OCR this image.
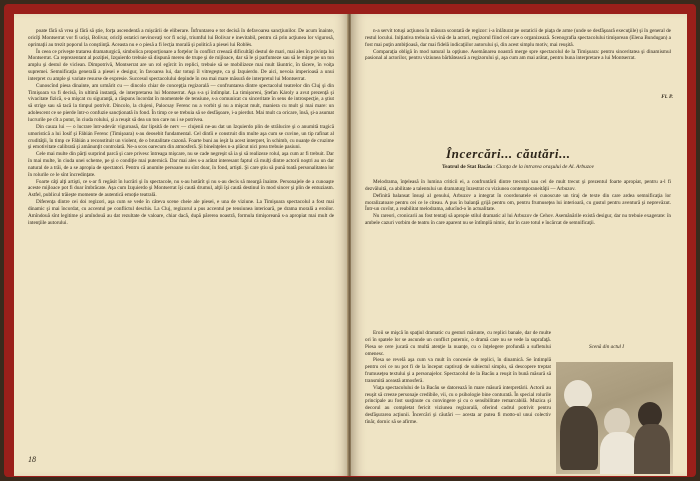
poate fără să vrea şi fără să ştie, forţa ascendentă a mişcării de eliberare. Înfruntarea e tot decisă în defavoarea sancţiunilor. De acum înainte, oricîţi Montserrat vor fi ucişi, Bolivar, oricîţi ostatici nevinovaţi vor fi ucişi, triumful lui Bolivar e inevitabil, pentru că prin acţiunea lor vigurosă, oprimaţii au trezit poporul la conştiinţă. Aceasta nu e o piesă a fi lecţia morală şi politică a piesei lui Roblès.

În ceea ce priveşte tratarea dramaturgică, simbolica proporţionare a forţelor în conflict creează dificultăţi destul de mari, mai ales în privinţa lui Montserrat. Ca reprezentant al poziţiei, Izquierdo trebuie să dispună mereu de trupe şi de mijloace, dar să le şi parfumeze sau să le mişte pe un ton amplu şi destul de viclean. Dimpotrivă, Montserrat are un rol egîrcit în replici, trebuie să se mobilizeze mai mult lăuntric, în tăcere, în voiţa supremei. Semnificaţia generală a piesei e desigur, în favoarea lui, dar totuşi îl vitregeşte, ca şi Izquierdo. De aici, nevoia imperioasă a unui interpret cu ample şi variate resurse de expresie. Succesul spectacolului depinde în cea mai mare măsură de interpretul lui Montserrat.

Cunoscînd piesa dinainte, am urmărit cu — dincolo chiar de concepţia regizorală — confruntarea dintre spectacolul teatrelor din Cluj şi din Timişoara va fi decisă, în ultimă instanţă, de interpretarea lui Montserrat. Aşa s-a şi întîmplat. La timişoreni, Ştefan Károly a avut prezenţă şi vivacitate fizică, s-a mişcat cu siguranţă, a răspuns încordat în momentele de tensiune, s-a comunicat cu sinceritate în sens de introspecţie, a ştiut să strige sau să tacă la timpul potrivit. Dincolo, la clujeni, Palocsay Ferenc nu a vorbit şi nu a mişcat mult, maniera cu mult şi mai mare: un adolescent ce se pierde într-o confuzie sancţionată în fond. În timp ce se trebuia să se desfăşoare, i-a pierdut. Mai mult ca oricare, însă, şi-a asumat lucrurile pe cît a putut, în ciuda rolului, şi a reuşit să dea un ton care nu i se potrivea.

Din cauza lui — o lucrare într-adevăr viguroasă, dar lipsită de nerv — clujenii ne-au dat un Izquierdo plin de strălucire şi o anumită tragică umoristică a lui Iosif şi Fábián Ferenc (Timişoara) s-au deosebit fundamental. Cel dintîi e construit din multe aşa cum se cuvine, un tip rafinat al crudităţii, în timp ce Fábián a reconstituit un violent, de o brutalitate cazonă. Foarte buni au ieşit la acest interpret, în schimb, cu nuanţe de cruzime şi emotivitate calibrată şi amănunţit controlată. Ne-a scos oarecum din atmosferă. Şi bineînţeles n-a plăcut nici prea trebuie pasiuni.

Cele mai multe din părţi surprind parcă şi care privesc întreaga mişcare, nu se cade negreşit să ia şi să realizeze rolul, aşa cum ar fi trebuit. Dar în mai multe, în ciuda unei scheme, pe şi o condiţie mai puternică. Dar mai ales s-a arătat interesant faptul că mulţi dintre actorii noştri au un dar natural de a trăi, de a se apropia de spectatori. Pentru că anumite persoane nu sînt doar, în fond, artişti. Şi care ştiu să pună toată personalitatea lor în rolurile ce le sînt încredinţate.

Foarte câţi alţi artişti, ce s-ar fi regăsit în lucrări şi în spectacole, nu s-au hotărît şi nu s-au decis să meargă înainte. Personajele de a cunoaşte aceste mijloace pot fi doar îmbrăcate. Aşa cum Izquierdo şi Montserrat îşi caută drumul, alţii îşi caută destinul în mod sincer şi plin de entuziasm. Astfel, publicul trăieşte momente de autentică emoţie teatrală.

Diferenţa dintre cei doi regizori, aşa cum se vede în câteva scene cheie ale piesei, e una de viziune. La Timişoara spectacolul a fost mai dinamic şi mai încordat, cu accentul pe conflictul deschis. La Cluj, regizorul a pus accentul pe tensiunea interioară, pe drama morală a eroilor. Amîndouă sînt legitime şi amîndouă au dat rezultate de valoare, chiar dacă, după părerea noastră, formula timişoreană s-a apropiat mai mult de intenţiile autorului.

18

n-a servit totuşi acţiunea în măsura scontată de regizor: i-a înlăturat pe ostaticii de piaţa de arme (unde se desfăşoară execuţiile) şi în general de restul locului. Iniţiativa trebuia să vină de la actori, regizorul fiind cel care o organizează. Scenografia spectacolului timişorean (Elena Bundugan) a fost mai puţin ambiţioasă, dar mai fidelă indicaţiilor autorului şi, din acest simplu motiv, mai reuşită.

Comparaţia obligă în mod natural la opţiune. Asemănarea noastră merge spre spectacolul de la Timişoara: pentru sinceritatea şi dinamismul pasional al actorilor, pentru viziunea bărbătească a regizorului şi, aşa cum am mai arătat, pentru buna interpretare a lui Montserrat.

Fl. P.
Încercări... căutări...
Teatrul de Stat Bacău : Clanţa de la intrarea oraşului de Al. Arbuzov

Melodrama, înţeleasă în lumina criticii ei, a confruntării dintre trecutul sau cel de mult trecut şi prezentul foarte apropiat, pentru a-l fi dezvăluită, ca abilitate a talentului un dramaturg înzestrat cu viziunea contemporaneităţii — Arbuzov.

Definită balansat însuşi al genului, Arbuzov a integrat în coordonatele ei cunoscute un tiraj de texte din care ardea semnificaţia lor moralizatoare pentru cei ce le citeau. A pus în balanţă grijă pentru om, pentru frumuseţea lui interioară, cu gustul pentru aventură şi neprevăzut. Într-un cuvînt, a reabilitat melodrama, aducînd-o în actualitate.

Nu rareori, cronicarii au fost tentaţi să apropie stilul dramatic al lui Arbuzov de Cehov. Asemănările există desigur, dar nu trebuie exagerate: în ambele cazuri vorbim de teatru în care aparent nu se întîmplă nimic, dar în care totul e încărcat de semnificaţii.

Eroii se mişcă în spaţiul dramatic cu gesturi mărunte, cu replici banale, dar de multe ori în spatele lor se ascunde un conflict puternic, o dramă care nu se vede la suprafaţă. Piesa se cere jucată cu multă atenţie la nuanţe, cu o înţelegere profundă a sufletului omenesc.

Piesa se revelă aşa cum va mult în concesie de replici, în dinamică. Se întimplă pentru cei ce nu pot fi de la început captivaţi de subiectul simplu, să descopere treptat frumuseţea textului şi a personajelor. Spectacolul de la Bacău a reuşit în bună măsură să transmită această atmosferă.

Viaţa spectacolului de la Bacău se datorează în mare măsură interpretării. Actorii au reuşit să creeze personaje credibile, vii, cu o psihologie bine conturată. În special rolurile principale au fost susţinute cu convingere şi cu o sensibilitate remarcabilă. Muzica şi decorul au completat fericit viziunea regizorală, oferind cadrul potrivit pentru desfăşurarea acţiunii. Încercări şi căutări — acesta ar putea fi motto-ul unui colectiv tînăr, dornic să se afirme.

Scenă din actul I
